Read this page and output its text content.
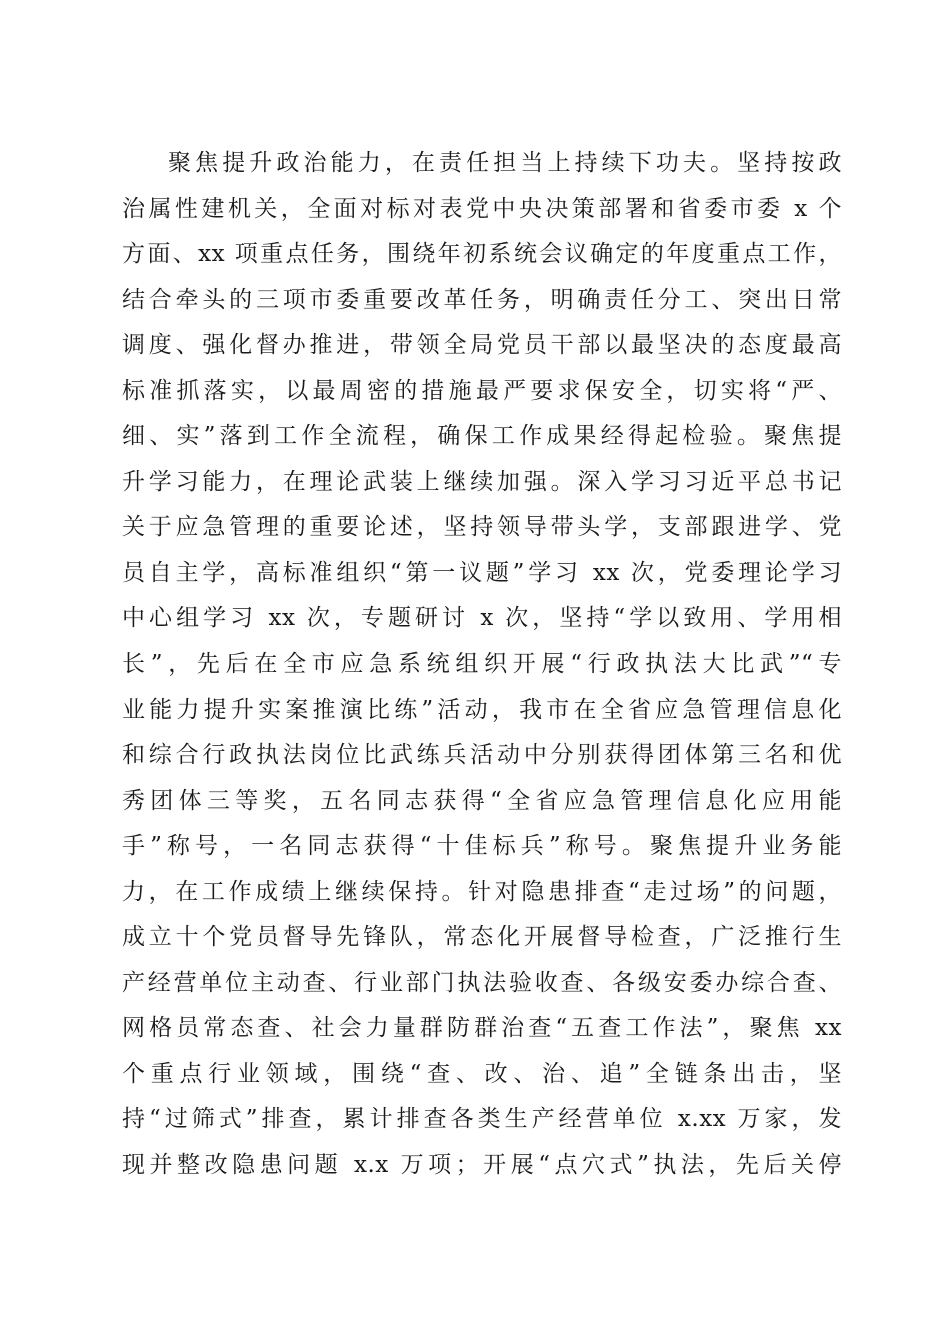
聚焦提升政治能力，在责任担当上持续下功夫。坚持按政
治属性建机关，全面对标对表党中央决策部署和省委市委 x 个
方面、xx 项重点任务，围绕年初系统会议确定的年度重点工作，
结合牵头的三项市委重要改革任务，明确责任分工、突出日常
调度、强化督办推进，带领全局党员干部以最坚决的态度最高
标准抓落实，以最周密的措施最严要求保安全，切实将“严、
细、实”落到工作全流程，确保工作成果经得起检验。聚焦提
升学习能力，在理论武装上继续加强。深入学习习近平总书记
关于应急管理的重要论述，坚持领导带头学，支部跟进学、党
员自主学，高标准组织“第一议题”学习 xx 次，党委理论学习
中心组学习 xx 次，专题研讨 x 次，坚持“学以致用、学用相
长”，先后在全市应急系统组织开展“行政执法大比武”“专
业能力提升实案推演比练”活动，我市在全省应急管理信息化
和综合行政执法岗位比武练兵活动中分别获得团体第三名和优
秀团体三等奖，五名同志获得“全省应急管理信息化应用能
手”称号，一名同志获得“十佳标兵”称号。聚焦提升业务能
力，在工作成绩上继续保持。针对隐患排查“走过场”的问题，
成立十个党员督导先锋队，常态化开展督导检查，广泛推行生
产经营单位主动查、行业部门执法验收查、各级安委办综合查、
网格员常态查、社会力量群防群治查“五查工作法”，聚焦 xx
个重点行业领域，围绕“查、改、治、追”全链条出击，坚
持“过筛式”排查，累计排查各类生产经营单位 x.xx 万家，发
现并整改隐患问题 x.x 万项；开展“点穴式”执法，先后关停
